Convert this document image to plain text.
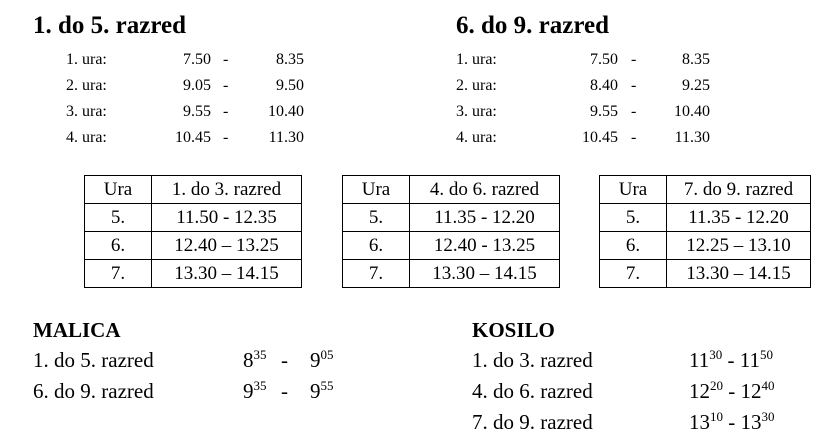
1. do 5. razred	6. do 9. razred
1. ura:	7.50 -	8.35
2. ura:	9.05 -	9.50
3. ura:	9.55 - 10.40
4. ura:	10.45 -	11.30
1. ura:	7.50 -	8.35
2. ura:	8.40 -	9.25
3. ura:	9.55 - 10.40
4. ura:	10.45 - 11.30
Ura	1. do 3. razred
5.	11.50 - 12.35
6.	12.40 – 13.25
7.	13.30 – 14.15
Ura	4. do 6. razred
5.	11.35 - 12.20
6.	12.40 - 13.25
7.	13.30 – 14.15
Ura	7. do 9. razred
5.	11.35 - 12.20
6.	12.25 – 13.10
7.	13.30 – 14.15
MALICA
1. do 5. razred	$8^{35} - 9^{05}$
6. do 9. razred	$9^{35} - 9^{55}$
KOSILO
1. do 3. razred	$11^{30} - 11^{50}$
4. do 6. razred	$12^{20} - 12^{40}$
7. do 9. razred	$13^{10} - 13^{30}$
